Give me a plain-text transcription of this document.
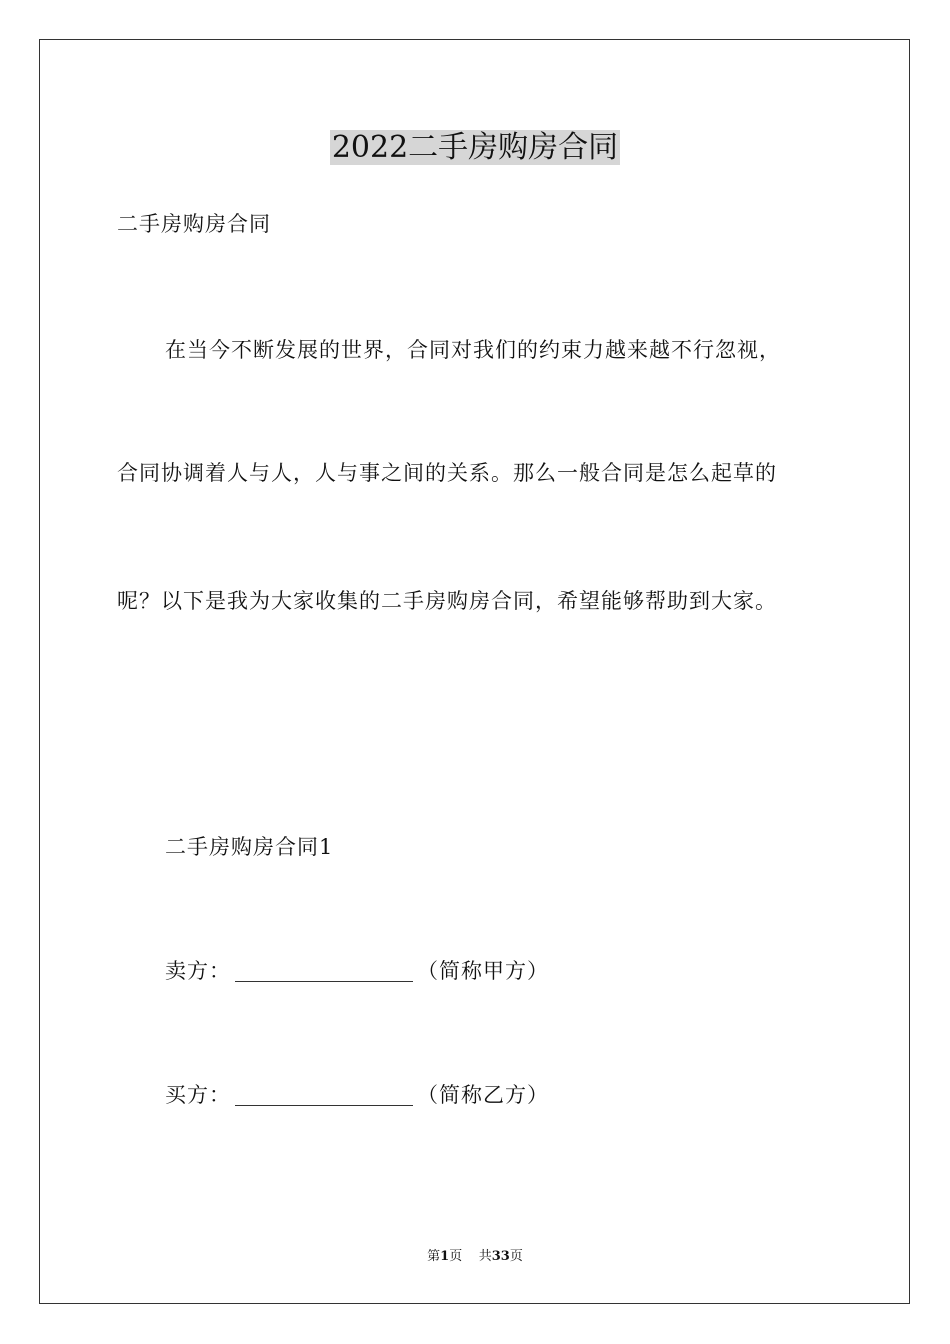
2022二手房购房合同
二手房购房合同
在当今不断发展的世界，合同对我们的约束力越来越不行忽视，
合同协调着人与人，人与事之间的关系。那么一般合同是怎么起草的
呢？以下是我为大家收集的二手房购房合同，希望能够帮助到大家。
二手房购房合同1
卖方：	（简称甲方）
买方：	（简称乙方）
第1页 共33页
